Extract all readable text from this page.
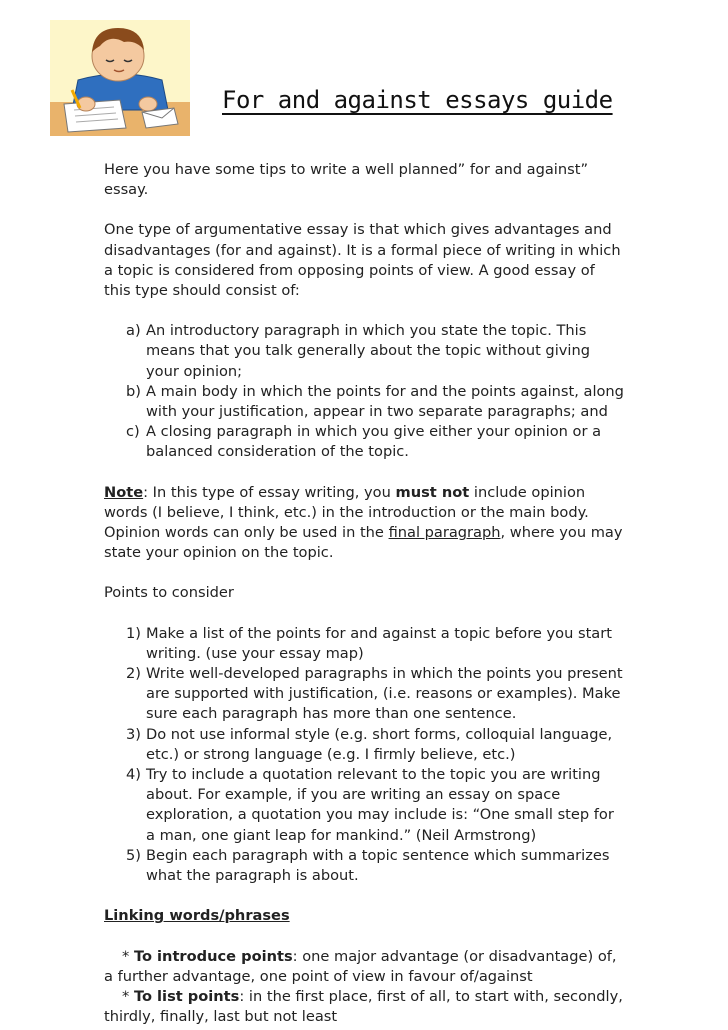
For and against essays guide

Here you have some tips to write a well planned” for and against” essay.

One type of argumentative essay is that which gives advantages and disadvantages (for and against). It is a formal piece of writing in which a topic is considered from opposing points of view. A good essay of this type should consist of:

a) An introductory paragraph in which you state the topic. This means that you talk generally about the topic without giving your opinion;
b) A main body in which the points for and the points against, along with your justification, appear in two separate paragraphs; and
c) A closing paragraph in which you give either your opinion or a balanced consideration of the topic.

Note: In this type of essay writing, you must not include opinion words (I believe, I think, etc.) in the introduction or the main body. Opinion words can only be used in the final paragraph, where you may state your opinion on the topic.

Points to consider

1) Make a list of the points for and against a topic before you start writing. (use your essay map)
2) Write well-developed paragraphs in which the points you present are supported with justification, (i.e. reasons or examples). Make sure each paragraph has more than one sentence.
3) Do not use informal style (e.g. short forms, colloquial language, etc.) or strong language (e.g. I firmly believe, etc.)
4) Try to include a quotation relevant to the topic you are writing about. For example, if you are writing an essay on space exploration, a quotation you may include is: “One small step for a man, one giant leap for mankind.” (Neil Armstrong)
5) Begin each paragraph with a topic sentence which summarizes what the paragraph is about.

Linking words/phrases

* To introduce points: one major advantage (or disadvantage) of, a further advantage, one point of view in favour of/against

* To list points: in the first place, first of all, to start with, secondly, thirdly, finally, last but not least
